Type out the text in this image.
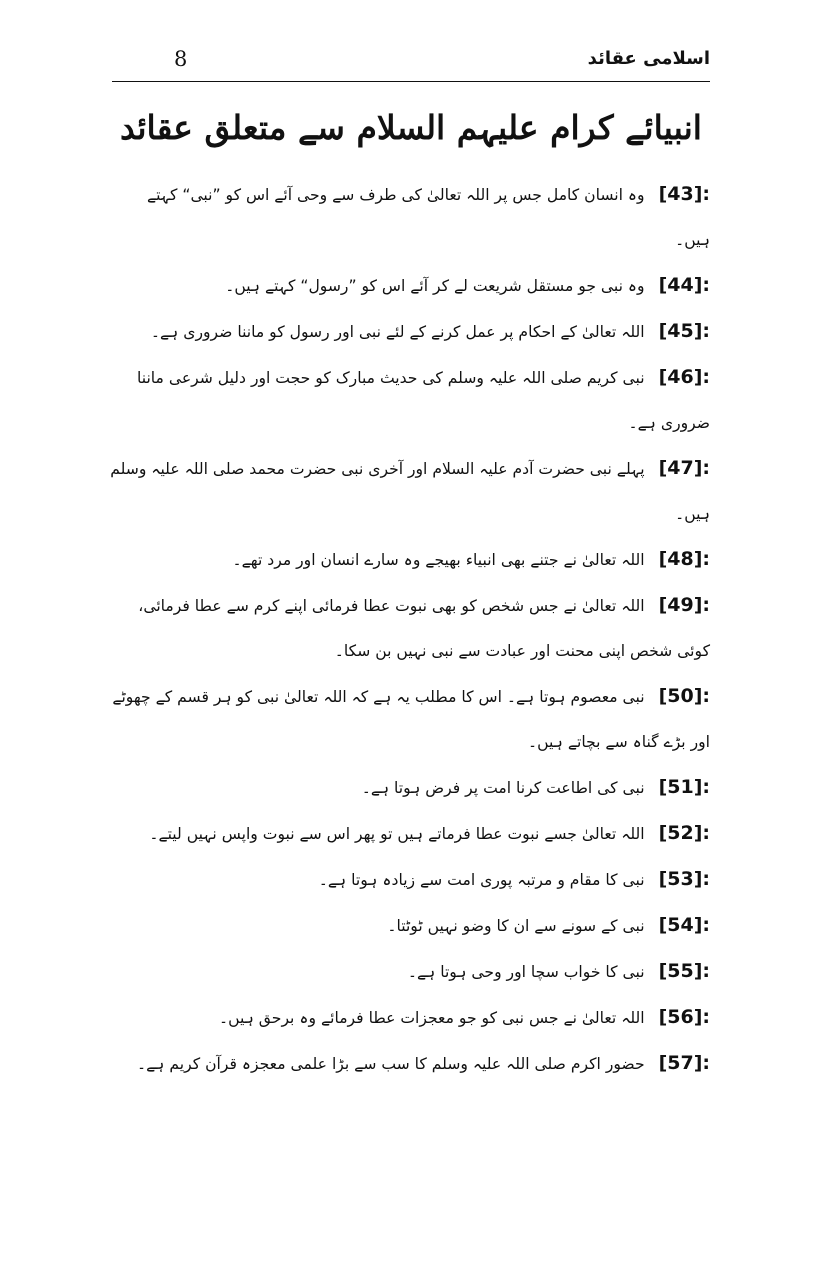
8	اسلامی عقائد
انبیائے کرام علیہم السلام سے متعلق عقائد
[43]:وہ انسان کامل جس پر اللہ تعالیٰ کی طرف سے وحی آئے اس کو ”نبی“ کہتے ہیں۔
[44]:وہ نبی جو مستقل شریعت لے کر آئے اس کو ”رسول“ کہتے ہیں۔
[45]:اللہ تعالیٰ کے احکام پر عمل کرنے کے لئے نبی اور رسول کو ماننا ضروری ہے۔
[46]:نبی کریم صلی اللہ علیہ وسلم کی حدیث مبارک کو حجت اور دلیل شرعی ماننا ضروری ہے۔
[47]:پہلے نبی حضرت آدم علیہ السلام اور آخری نبی حضرت محمد صلی اللہ علیہ وسلم ہیں۔
[48]:اللہ تعالیٰ نے جتنے بھی انبیاء بھیجے وہ سارے انسان اور مرد تھے۔
[49]:اللہ تعالیٰ نے جس شخص کو بھی نبوت عطا فرمائی اپنے کرم سے عطا فرمائی، کوئی شخص اپنی محنت اور عبادت سے نبی نہیں بن سکا۔
[50]:نبی معصوم ہوتا ہے۔ اس کا مطلب یہ ہے کہ اللہ تعالیٰ نبی کو ہر قسم کے چھوٹے اور بڑے گناہ سے بچاتے ہیں۔
[51]:نبی کی اطاعت کرنا امت پر فرض ہوتا ہے۔
[52]:اللہ تعالیٰ جسے نبوت عطا فرماتے ہیں تو پھر اس سے نبوت واپس نہیں لیتے۔
[53]:نبی کا مقام و مرتبہ پوری امت سے زیادہ ہوتا ہے۔
[54]:نبی کے سونے سے ان کا وضو نہیں ٹوٹتا۔
[55]:نبی کا خواب سچا اور وحی ہوتا ہے۔
[56]:اللہ تعالیٰ نے جس نبی کو جو معجزات عطا فرمائے وہ برحق ہیں۔
[57]:حضور اکرم صلی اللہ علیہ وسلم کا سب سے بڑا علمی معجزہ قرآن کریم ہے۔
